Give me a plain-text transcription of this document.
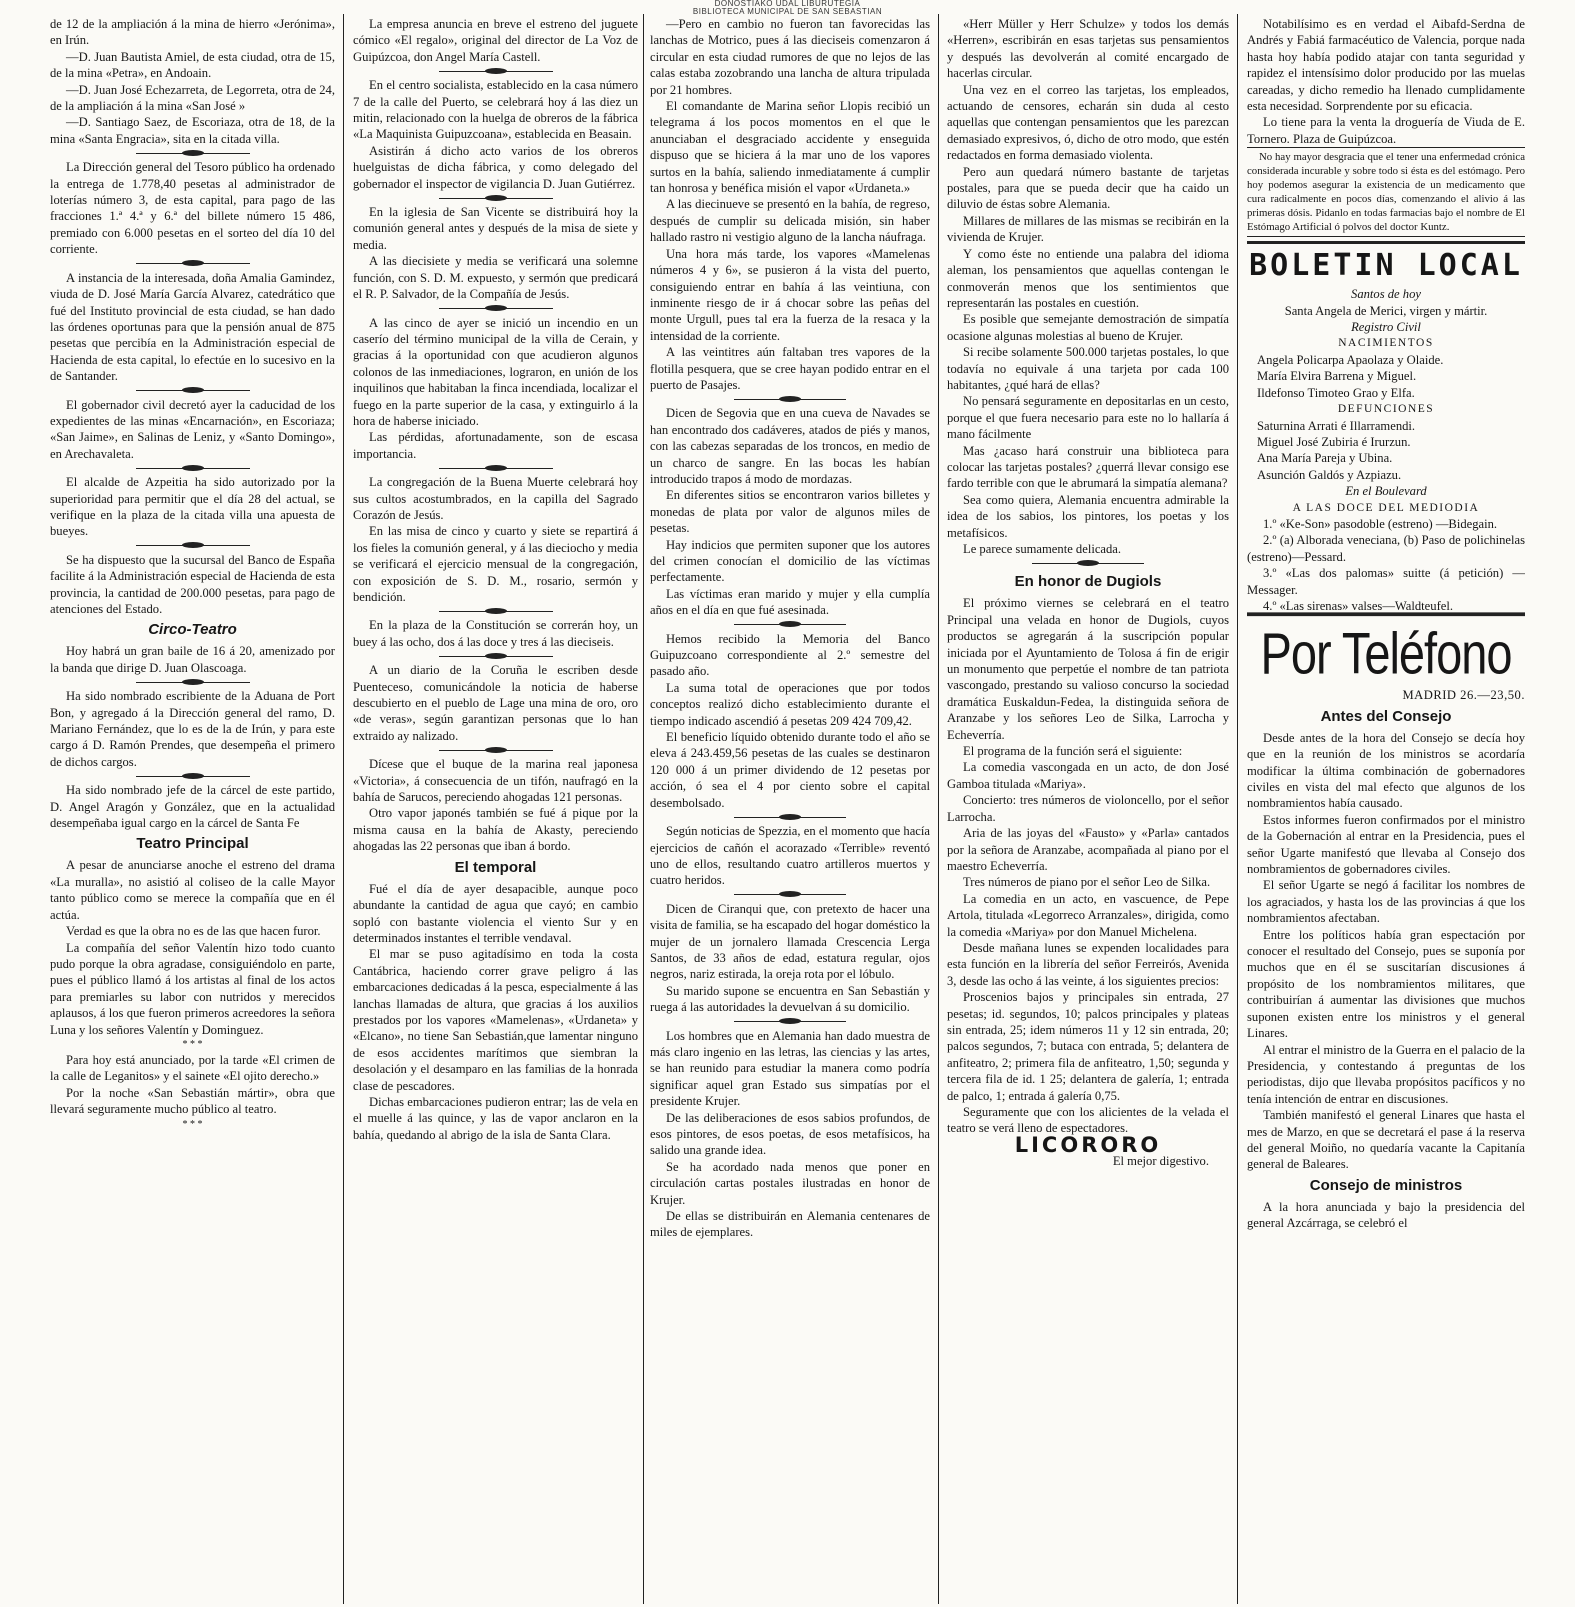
DONOSTIAKO UDAL LIBURUTEGIA
BIBLIOTECA MUNICIPAL DE SAN SEBASTIAN

de 12 de la ampliación á la mina de hierro «Jerónima», en Irún.

—D. Juan Bautista Amiel, de esta ciudad, otra de 15, de la mina «Petra», en Andoain.

—D. Juan José Echezarreta, de Legorreta, otra de 24, de la ampliación á la mina «San José »

—D. Santiago Saez, de Escoriaza, otra de 18, de la mina «Santa Engracia», sita en la citada villa.

La Dirección general del Tesoro público ha ordenado la entrega de 1.778,40 pesetas al administrador de loterías número 3, de esta capital, para pago de las fracciones 1.ª 4.ª y 6.ª del billete número 15 486, premiado con 6.000 pesetas en el sorteo del día 10 del corriente.

A instancia de la interesada, doña Amalia Gamindez, viuda de D. José María García Alvarez, catedrático que fué del Instituto provincial de esta ciudad, se han dado las órdenes oportunas para que la pensión anual de 875 pesetas que percibía en la Administración especial de Hacienda de esta capital, lo efectúe en lo sucesivo en la de Santander.

El gobernador civil decretó ayer la caducidad de los expedientes de las minas «Encarnación», en Escoriaza; «San Jaime», en Salinas de Leniz, y «Santo Domingo», en Arechavaleta.

El alcalde de Azpeitia ha sido autorizado por la superioridad para permitir que el día 28 del actual, se verifique en la plaza de la citada villa una apuesta de bueyes.

Se ha dispuesto que la sucursal del Banco de España facilite á la Administración especial de Hacienda de esta provincia, la cantidad de 200.000 pesetas, para pago de atenciones del Estado.

Circo-Teatro

Hoy habrá un gran baile de 16 á 20, amenizado por la banda que dirige D. Juan Olascoaga.

Ha sido nombrado escribiente de la Aduana de Port Bon, y agregado á la Dirección general del ramo, D. Mariano Fernández, que lo es de la de Irún, y para este cargo á D. Ramón Prendes, que desempeña el primero de dichos cargos.

Ha sido nombrado jefe de la cárcel de este partido, D. Angel Aragón y González, que en la actualidad desempeñaba igual cargo en la cárcel de Santa Fe

Teatro Principal

A pesar de anunciarse anoche el estreno del drama «La muralla», no asistió al coliseo de la calle Mayor tanto público como se merece la compañía que en él actúa.

Verdad es que la obra no es de las que hacen furor.

La compañía del señor Valentín hizo todo cuanto pudo porque la obra agradase, consiguiéndolo en parte, pues el público llamó á los artistas al final de los actos para premiarles su labor con nutridos y merecidos aplausos, á los que fueron primeros acreedores la señora Luna y los señores Valentín y Dominguez.

* * *

Para hoy está anunciado, por la tarde «El crimen de la calle de Leganitos» y el sainete «El ojito derecho.»

Por la noche «San Sebastián mártir», obra que llevará seguramente mucho público al teatro.

* * *

La empresa anuncia en breve el estreno del juguete cómico «El regalo», original del director de La Voz de Guipúzcoa, don Angel María Castell.

En el centro socialista, establecido en la casa número 7 de la calle del Puerto, se celebrará hoy á las diez un mitin, relacionado con la huelga de obreros de la fábrica «La Maquinista Guipuzcoana», establecida en Beasain.

Asistirán á dicho acto varios de los obreros huelguistas de dicha fábrica, y como delegado del gobernador el inspector de vigilancia D. Juan Gutiérrez.

En la iglesia de San Vicente se distribuirá hoy la comunión general antes y después de la misa de siete y media.

A las diecisiete y media se verificará una solemne función, con S. D. M. expuesto, y sermón que predicará el R. P. Salvador, de la Compañía de Jesús.

A las cinco de ayer se inició un incendio en un caserío del término municipal de la villa de Cerain, y gracias á la oportunidad con que acudieron algunos colonos de las inmediaciones, lograron, en unión de los inquilinos que habitaban la finca incendiada, localizar el fuego en la parte superior de la casa, y extinguirlo á la hora de haberse iniciado.

Las pérdidas, afortunadamente, son de escasa importancia.

La congregación de la Buena Muerte celebrará hoy sus cultos acostumbrados, en la capilla del Sagrado Corazón de Jesús.

En las misa de cinco y cuarto y siete se repartirá á los fieles la comunión general, y á las dieciocho y media se verificará el ejercicio mensual de la congregación, con exposición de S. D. M., rosario, sermón y bendición.

En la plaza de la Constitución se correrán hoy, un buey á las ocho, dos á las doce y tres á las dieciseis.

A un diario de la Coruña le escriben desde Puenteceso, comunicándole la noticia de haberse descubierto en el pueblo de Lage una mina de oro, oro «de veras», según garantizan personas que lo han extraido ay nalizado.

Dícese que el buque de la marina real japonesa «Victoria», á consecuencia de un tifón, naufragó en la bahía de Sarucos, pereciendo ahogadas 121 personas.

Otro vapor japonés también se fué á pique por la misma causa en la bahía de Akasty, pereciendo ahogadas las 22 personas que iban á bordo.

El temporal

Fué el día de ayer desapacible, aunque poco abundante la cantidad de agua que cayó; en cambio sopló con bastante violencia el viento Sur y en determinados instantes el terrible vendaval.

El mar se puso agitadísimo en toda la costa Cantábrica, haciendo correr grave peligro á las embarcaciones dedicadas á la pesca, especialmente á las lanchas llamadas de altura, que gracias á los auxilios prestados por los vapores «Mamelenas», «Urdaneta» y «Elcano», no tiene San Sebastián,que lamentar ninguno de esos accidentes marítimos que siembran la desolación y el desamparo en las familias de la honrada clase de pescadores.

Dichas embarcaciones pudieron entrar; las de vela en el muelle á las quince, y las de vapor anclaron en la bahía, quedando al abrigo de la isla de Santa Clara.

—Pero en cambio no fueron tan favorecidas las lanchas de Motrico, pues á las dieciseis comenzaron á circular en esta ciudad rumores de que no lejos de las calas estaba zozobrando una lancha de altura tripulada por 21 hombres.

El comandante de Marina señor Llopis recibió un telegrama á los pocos momentos en el que le anunciaban el desgraciado accidente y enseguida dispuso que se hiciera á la mar uno de los vapores surtos en la bahía, saliendo inmediatamente á cumplir tan honrosa y benéfica misión el vapor «Urdaneta.»

A las diecinueve se presentó en la bahía, de regreso, después de cumplir su delicada misión, sin haber hallado rastro ni vestigio alguno de la lancha náufraga.

Una hora más tarde, los vapores «Mamelenas números 4 y 6», se pusieron á la vista del puerto, consiguiendo entrar en bahía á las veintiuna, con inminente riesgo de ir á chocar sobre las peñas del monte Urgull, pues tal era la fuerza de la resaca y la intensidad de la corriente.

A las veintitres aún faltaban tres vapores de la flotilla pesquera, que se cree hayan podido entrar en el puerto de Pasajes.

Dicen de Segovia que en una cueva de Navades se han encontrado dos cadáveres, atados de piés y manos, con las cabezas separadas de los troncos, en medio de un charco de sangre. En las bocas les habían introducido trapos á modo de mordazas.

En diferentes sitios se encontraron varios billetes y monedas de plata por valor de algunos miles de pesetas.

Hay indicios que permiten suponer que los autores del crimen conocían el domicilio de las víctimas perfectamente.

Las víctimas eran marido y mujer y ella cumplía años en el día en que fué asesinada.

Hemos recibido la Memoria del Banco Guipuzcoano correspondiente al 2.º semestre del pasado año.

La suma total de operaciones que por todos conceptos realizó dicho establecimiento durante el tiempo indicado ascendió á pesetas 209 424 709,42.

El beneficio líquido obtenido durante todo el año se eleva á 243.459,56 pesetas de las cuales se destinaron 120 000 á un primer dividendo de 12 pesetas por acción, ó sea el 4 por ciento sobre el capital desembolsado.

Según noticias de Spezzia, en el momento que hacía ejercicios de cañón el acorazado «Terrible» reventó uno de ellos, resultando cuatro artilleros muertos y cuatro heridos.

Dicen de Ciranqui que, con pretexto de hacer una visita de familia, se ha escapado del hogar doméstico la mujer de un jornalero llamada Crescencia Lerga Santos, de 33 años de edad, estatura regular, ojos negros, nariz estirada, la oreja rota por el lóbulo.

Su marido supone se encuentra en San Sebastián y ruega á las autoridades la devuelvan á su domicilio.

Los hombres que en Alemania han dado muestra de más claro ingenio en las letras, las ciencias y las artes, se han reunido para estudiar la manera como podría significar aquel gran Estado sus simpatías por el presidente Krujer.

De las deliberaciones de esos sabios profundos, de esos pintores, de esos poetas, de esos metafísicos, ha salido una grande idea.

Se ha acordado nada menos que poner en circulación cartas postales ilustradas en honor de Krujer.

De ellas se distribuirán en Alemania centenares de miles de ejemplares.

«Herr Müller y Herr Schulze» y todos los demás «Herren», escribirán en esas tarjetas sus pensamientos y después las devolverán al comité encargado de hacerlas circular.

Una vez en el correo las tarjetas, los empleados, actuando de censores, echarán sin duda al cesto aquellas que contengan pensamientos que les parezcan demasiado expresivos, ó, dicho de otro modo, que estén redactados en forma demasiado violenta.

Pero aun quedará número bastante de tarjetas postales, para que se pueda decir que ha caido un diluvio de éstas sobre Alemania.

Millares de millares de las mismas se recibirán en la vivienda de Krujer.

Y como éste no entiende una palabra del idioma aleman, los pensamientos que aquellas contengan le conmoverán menos que los sentimientos que representarán las postales en cuestión.

Es posible que semejante demostración de simpatía ocasione algunas molestias al bueno de Krujer.

Si recibe solamente 500.000 tarjetas postales, lo que todavía no equivale á una tarjeta por cada 100 habitantes, ¿qué hará de ellas?

No pensará seguramente en depositarlas en un cesto, porque el que fuera necesario para este no lo hallaría á mano fácilmente

Mas ¿acaso hará construir una biblioteca para colocar las tarjetas postales? ¿querrá llevar consigo ese fardo terrible con que le abrumará la simpatía alemana?

Sea como quiera, Alemania encuentra admirable la idea de los sabios, los pintores, los poetas y los metafísicos.

Le parece sumamente delicada.

En honor de Dugiols

El próximo viernes se celebrará en el teatro Principal una velada en honor de Dugiols, cuyos productos se agregarán á la suscripción popular iniciada por el Ayuntamiento de Tolosa á fin de erigir un monumento que perpetúe el nombre de tan patriota vascongado, prestando su valioso concurso la sociedad dramática Euskaldun-Fedea, la distinguida señora de Aranzabe y los señores Leo de Silka, Larrocha y Echeverría.

El programa de la función será el siguiente:

La comedia vascongada en un acto, de don José Gamboa titulada «Mariya».

Concierto: tres números de violoncello, por el señor Larrocha.

Aria de las joyas del «Fausto» y «Parla» cantados por la señora de Aranzabe, acompañada al piano por el maestro Echeverría.

Tres números de piano por el señor Leo de Silka.

La comedia en un acto, en vascuence, de Pepe Artola, titulada «Legorreco Arranzales», dirigida, como la comedia «Mariya» por don Manuel Michelena.

Desde mañana lunes se expenden localidades para esta función en la librería del señor Ferreirós, Avenida 3, desde las ocho á las veinte, á los siguientes precios:

Proscenios bajos y principales sin entrada, 27 pesetas; id. segundos, 10; palcos principales y plateas sin entrada, 25; idem números 11 y 12 sin entrada, 20; palcos segundos, 7; butaca con entrada, 5; delantera de anfiteatro, 2; primera fila de anfiteatro, 1,50; segunda y tercera fila de id. 1 25; delantera de galería, 1; entrada de palco, 1; entrada á galería 0,75.

Seguramente que con los alicientes de la velada el teatro se verá lleno de espectadores.

LICORORO
El mejor digestivo.

Notabilísimo es en verdad el Aibafd-Serdna de Andrés y Fabiá farmacéutico de Valencia, porque nada hasta hoy había podido atajar con tanta seguridad y rapidez el intensísimo dolor producido por las muelas careadas, y dicho remedio ha llenado cumplidamente esta necesidad. Sorprendente por su eficacia.

Lo tiene para la venta la droguería de Viuda de E. Tornero. Plaza de Guipúzcoa.

No hay mayor desgracia que el tener una enfermedad crónica considerada incurable y sobre todo si ésta es del estómago. Pero hoy podemos asegurar la existencia de un medicamento que cura radicalmente en pocos días, comenzando el alivio á las primeras dósis. Pidanlo en todas farmacias bajo el nombre de El Estómago Artificial ó polvos del doctor Kuntz.

BOLETIN LOCAL

Santos de hoy

Santa Angela de Merici, virgen y mártir.

Registro Civil

NACIMIENTOS

Angela Policarpa Apaolaza y Olaide.

María Elvira Barrena y Miguel.

Ildefonso Timoteo Grao y Elfa.

DEFUNCIONES

Saturnina Arrati é Illarramendi.

Miguel José Zubiria é Irurzun.

Ana María Pareja y Ubina.

Asunción Galdós y Azpiazu.

En el Boulevard

A LAS DOCE DEL MEDIODIA

1.º «Ke-Son» pasodoble (estreno) —Bidegain.

2.º (a) Alborada veneciana, (b) Paso de polichinelas (estreno)—Pessard.

3.º «Las dos palomas» suitte (á petición) —Messager.

4.º «Las sirenas» valses—Waldteufel.

Por Teléfono

MADRID 26.—23,50.

Antes del Consejo

Desde antes de la hora del Consejo se decía hoy que en la reunión de los ministros se acordaría modificar la última combinación de gobernadores civiles en vista del mal efecto que algunos de los nombramientos había causado.

Estos informes fueron confirmados por el ministro de la Gobernación al entrar en la Presidencia, pues el señor Ugarte manifestó que llevaba al Consejo dos nombramientos de gobernadores civiles.

El señor Ugarte se negó á facilitar los nombres de los agraciados, y hasta los de las provincias á que los nombramientos afectaban.

Entre los políticos había gran espectación por conocer el resultado del Consejo, pues se suponía por muchos que en él se suscitarían discusiones á propósito de los nombramientos militares, que contribuirían á aumentar las divisiones que muchos suponen existen entre los ministros y el general Linares.

Al entrar el ministro de la Guerra en el palacio de la Presidencia, y contestando á preguntas de los periodistas, dijo que llevaba propósitos pacíficos y no tenía intención de entrar en discusiones.

También manifestó el general Linares que hasta el mes de Marzo, en que se decretará el pase á la reserva del general Moiño, no quedaría vacante la Capitanía general de Baleares.

Consejo de ministros

A la hora anunciada y bajo la presidencia del general Azcárraga, se celebró el
